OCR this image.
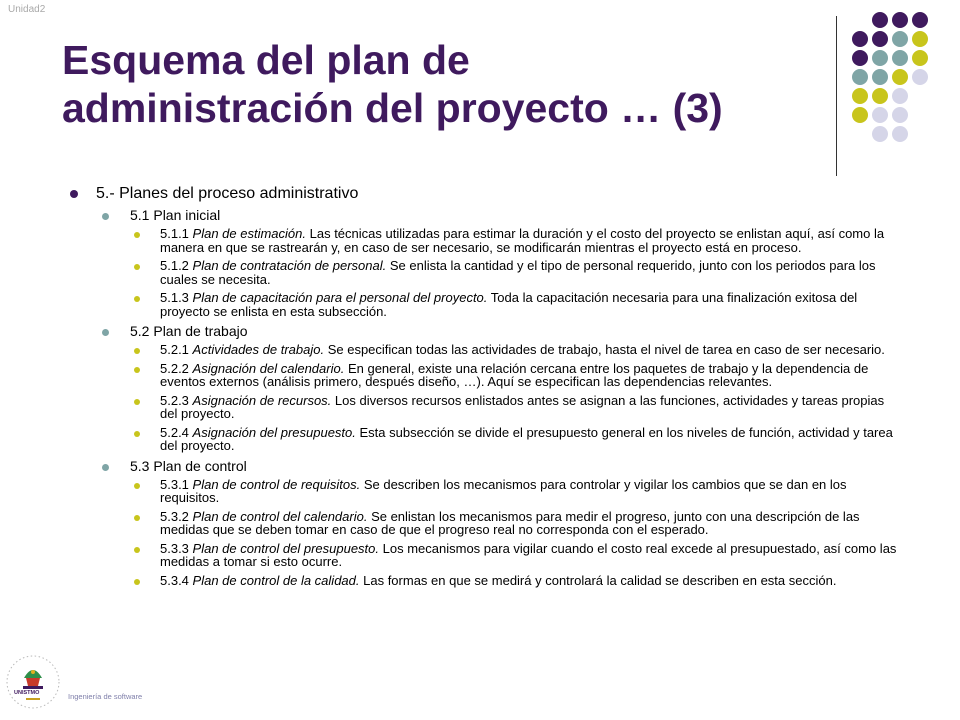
Unidad2
Esquema del plan de
administración del proyecto … (3)
5.- Planes del proceso administrativo
5.1 Plan inicial
5.1.1 Plan de estimación. Las técnicas utilizadas para estimar la duración y el costo del proyecto se enlistan aquí, así como la manera en que se rastrearán y, en caso de ser necesario, se modificarán mientras el proyecto está en proceso.
5.1.2 Plan de contratación de personal. Se enlista la cantidad y el tipo de personal requerido, junto con los periodos para los cuales se necesita.
5.1.3 Plan de capacitación para el personal del proyecto. Toda la capacitación necesaria para una finalización exitosa del proyecto se enlista en esta subsección.
5.2 Plan de trabajo
5.2.1 Actividades de trabajo. Se especifican todas las actividades de trabajo, hasta el nivel de tarea en caso de ser necesario.
5.2.2 Asignación del calendario. En general, existe una relación cercana entre los paquetes de trabajo y la dependencia de eventos externos (análisis primero, después diseño, …). Aquí se especifican las dependencias relevantes.
5.2.3 Asignación de recursos. Los diversos recursos enlistados antes se asignan a las funciones, actividades y tareas propias del proyecto.
5.2.4 Asignación del presupuesto. Esta subsección se divide el presupuesto general en los niveles de función, actividad y tarea del proyecto.
5.3 Plan de control
5.3.1 Plan de control de requisitos. Se describen los mecanismos para controlar y vigilar los cambios que se dan en los requisitos.
5.3.2 Plan de control del calendario. Se enlistan los mecanismos para medir el progreso, junto con una descripción de las medidas que se deben tomar en caso de que el progreso real no corresponda con el esperado.
5.3.3 Plan de control del presupuesto. Los mecanismos para vigilar cuando el costo real excede al presupuestado, así como las medidas a tomar si esto ocurre.
5.3.4 Plan de control de la calidad. Las formas en que se medirá y controlará la calidad se describen en esta sección.
UNISTMO	Ingeniería de software
